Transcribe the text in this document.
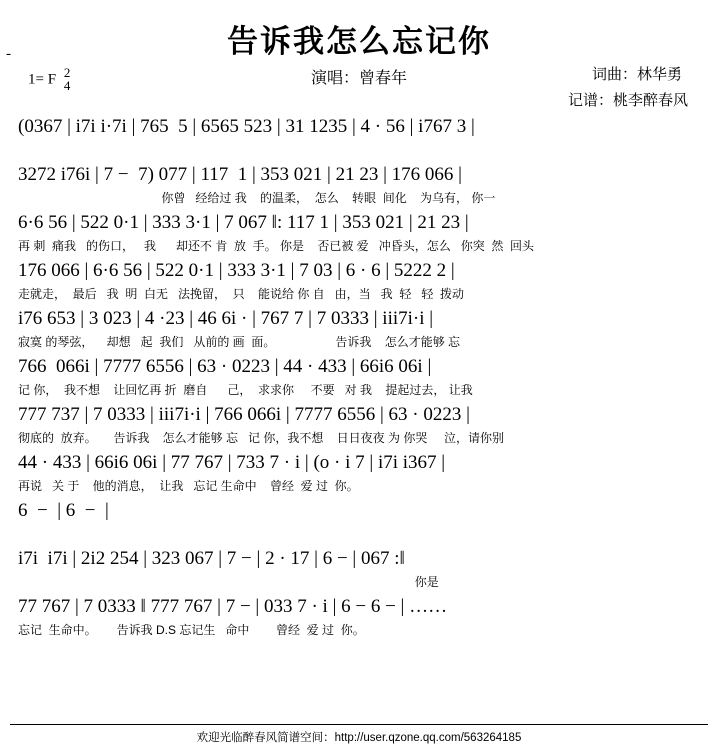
-	告诉我怎么忘记你
1= F 2
4	演唱：曾春年	词曲：林华勇
记谱：桃李醉春风
(0367 | i7i i·7i | 765  5 | 6565 523 | 31 1235 | 4 · 56 | i767 3 |
3272 i76i | 7 −  7) 077 | 117  1 | 353 021 | 21 23 | 176 066 |
你曾   经给过 我    的温柔，  怎么    转眼  间化    为乌有， 你一
6·6 56 | 522 0·1 | 333 3·1 | 7 067 ‖: 117 1 | 353 021 | 21 23 |
再 刺  痛我   的伤口，   我      却还不 肯  放  手。 你是    否已被 爱   冲昏头，怎么   你突  然  回头
176 066 | 6·6 56 | 522 0·1 | 333 3·1 | 7 03 | 6 · 6 | 5222 2 |
走就走，  最后   我  明  白无   法挽留，  只    能说给 你 自   由，当   我  轻   轻  拨动
i76 653 | 3 023 | 4 ·23 | 46 6i · | 767 7 | 7 0333 | iii7i·i |
寂寞 的琴弦，    却想   起  我们   从前的 画  面。                  告诉我    怎么才能够 忘
766  066i | 7777 6556 | 63 · 0223 | 44 · 433 | 66i6 06i |
记 你，  我不想    让回忆再 折  磨自      己，  求求你     不要   对 我    提起过去， 让我
777 737 | 7 0333 | iii7i·i | 766 066i | 7777 6556 | 63 · 0223 |
彻底的  放弃。     告诉我    怎么才能够 忘   记 你，我不想    日日夜夜 为 你哭     泣，请你别
44 · 433 | 66i6 06i | 77 767 | 733 7 · i | (o · i 7 | i7i i367 |
再说   关 于    他的消息，  让我   忘记 生命中    曾经  爱 过  你。
6  −  | 6  −  |
i7i  i7i | 2i2 254 | 323 067 | 7 − | 2 · 17 | 6 − | 067 :‖
你是
77 767 | 7 0333 ‖ 777 767 | 7 − | 033 7 · i | 6 − 6 − | ……
忘记  生命中。      告诉我 D.S 忘记生   命中        曾经  爱 过  你。
欢迎光临醉春风简谱空间：http://user.qzone.qq.com/563264185
